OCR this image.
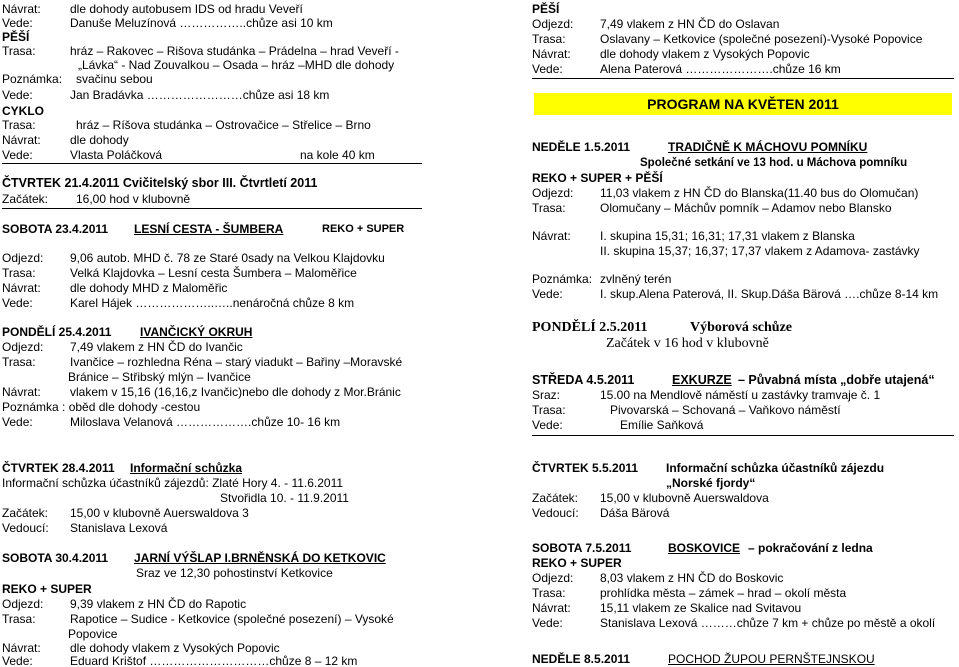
Návrat: dle dohody autobusem IDS od hradu Veveří
Vede:	Danuše Meluzínová ……………..chůze asi 10 km
PĚŠÍ
Trasa:	hráz – Rakovec – Rišova studánka – Prádelna – hrad Veveří -
„Lávka“ - Nad Zouvalkou – Osada – hráz –MHD dle dohody
Poznámka: svačinu sebou
Vede:	Jan Bradávka ……………………chůze asi 18 km
CYKLO
Trasa:	hráz – Ríšova studánka – Ostrovačice – Střelice – Brno
Návrat: dle dohody
Vede:	Vlasta Poláčková	na kole 40 km
ČTVRTEK 21.4.2011 Cvičitelský sbor III. Čtvrtletí 2011
Začátek: 16,00 hod v klubovně
SOBOTA 23.4.2011 LESNÍ CESTA - ŠUMBERA	REKO + SUPER
Odjezd: 9,06 autob. MHD č. 78 ze Staré 0sady na Velkou Klajdovku
Trasa:	Velká Klajdovka – Lesní cesta Šumbera – Maloměřice
Návrat: dle dohody MHD z Maloměřic
Vede:	Karel Hájek ………………..…..nenáročná chůze 8 km
PONDĚLÍ 25.4.2011 IVANČICKÝ OKRUH
Odjezd: 7,49 vlakem z HN ČD do Ivančic
Trasa:	Ivančice – rozhledna Réna – starý viadukt – Bařiny –Moravské
Bránice – Střibský mlýn – Ivančice
Návrat: vlakem v 15,16 (16,16,z Ivančic)nebo dle dohody z Mor.Bránic
Poznámka : oběd dle dohody -cestou
Vede:	Miloslava Velanová ……………….chůze 10- 16 km
ČTVRTEK 28.4.2011 Informační schůzka
Informační schůzka účastníků zájezdů: Zlaté Hory 4. - 11.6.2011
Stvořidla 10. - 11.9.2011
Začátek: 15,00 v klubovně Auerswaldova 3
Vedoucí: Stanislava Lexová
SOBOTA 30.4.2011 JARNÍ VÝŠLAP I.BRNĚNSKÁ DO KETKOVIC
Sraz ve 12,30 pohostinství Ketkovice
REKO + SUPER
Odjezd: 9,39 vlakem z HN ČD do Rapotic
Trasa:	Rapotice – Sudice - Ketkovice (společné posezení) – Vysoké
Popovice
Návrat: dle dohody vlakem z Vysokých Popovic
Vede:	Eduard Krištof …………………………chůze 8 – 12 km
PĚŠÍ
Odjezd: 7,49 vlakem z HN ČD do Oslavan
Trasa:	Oslavany – Ketkovice (společné posezení)-Vysoké Popovice
Návrat: dle dohody vlakem z Vysokých Popovic
Vede:	Alena Paterová ………………….chůze 16 km
PROGRAM NA KVĚTEN 2011
NEDĚLE 1.5.2011	TRADIČNĚ K MÁCHOVU POMNÍKU
Společné setkání ve 13 hod. u Máchova pomníku
REKO + SUPER + PĚŠÍ
Odjezd: 11,03 vlakem z HN ČD do Blanska(11.40 bus do Olomučan)
Trasa:	Olomučany – Máchův pomník – Adamov nebo Blansko
Návrat: I. skupina 15,31; 16,31; 17,31 vlakem z Blanska
II. skupina 15,37; 16,37; 17,37 vlakem z Adamova- zastávky
Poznámka: zvlněný terén
Vede:	I. skup.Alena Paterová, II. Skup.Dáša Bärová ….chůze 8-14 km
PONDĚLÍ 2.5.2011	Výborová schůze
Začátek v 16 hod v klubovně
STŘEDA 4.5.2011	EXKURZE – Půvabná místa „dobře utajená“
Sraz:	15.00 na Mendlově náměstí u zastávky tramvaje č. 1
Trasa:	Pivovarská – Schovaná – Vaňkovo náměstí
Vede:	Emílie Saňková
ČTVRTEK 5.5.2011 Informační schůzka účastníků zájezdu
„Norské fjordy“
Začátek: 15,00 v klubovně Auerswaldova
Vedoucí: Dáša Bärová
SOBOTA 7.5.2011	BOSKOVICE – pokračování z ledna
REKO + SUPER
Odjezd: 8,03 vlakem z HN ČD do Boskovic
Trasa:	prohlídka města – zámek – hrad – okolí města
Návrat: 15,11 vlakem ze Skalice nad Svitavou
Vede:	Stanislava Lexová ………chůze 7 km + chůze po městě a okolí
NEDĚLE 8.5.2011	POCHOD ŽUPOU PERNŠTEJNSKOU
